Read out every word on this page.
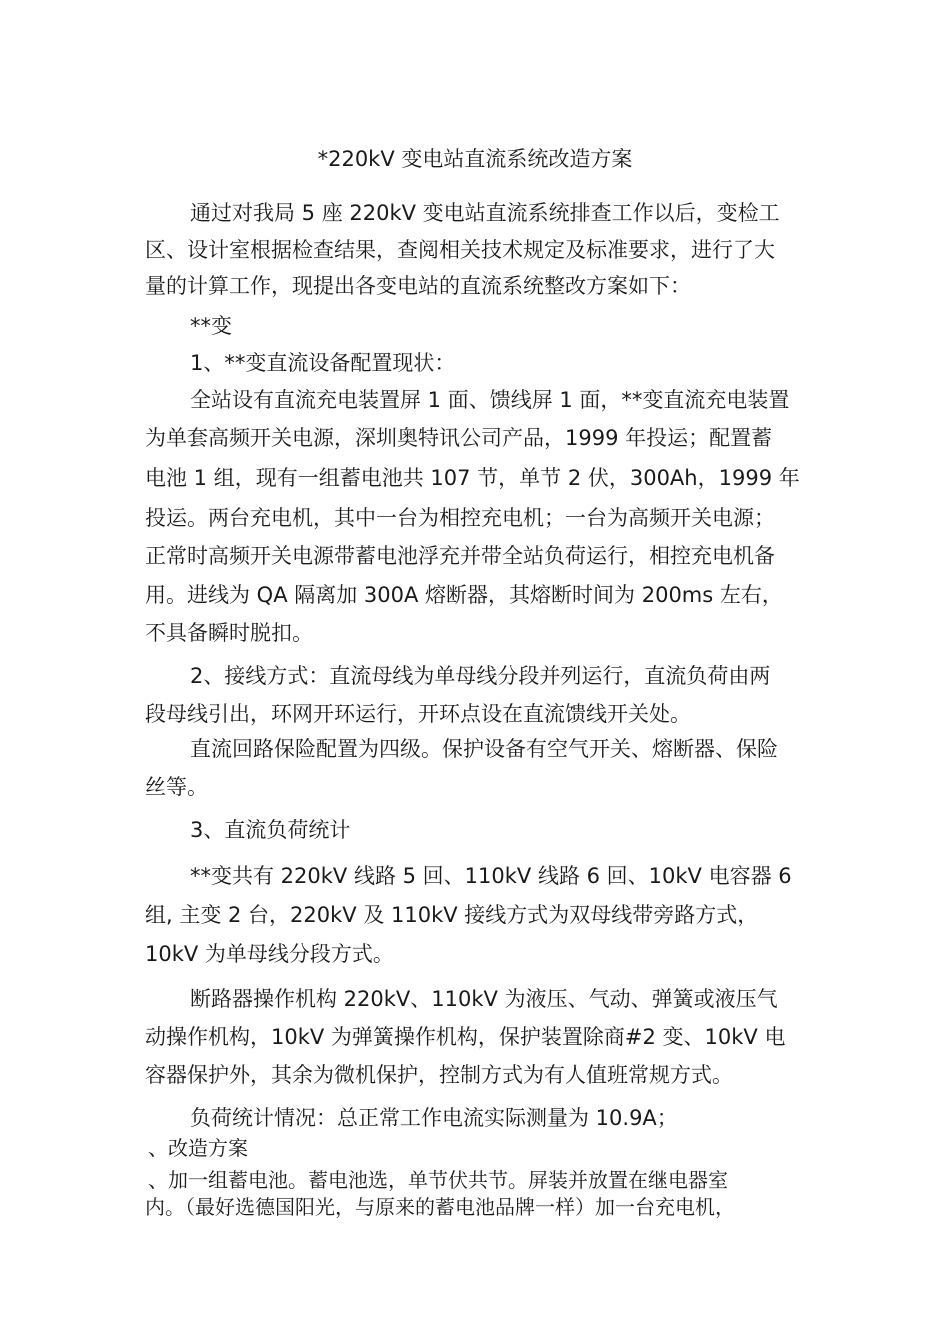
*220kV 变电站直流系统改造方案
通过对我局 5 座 220kV 变电站直流系统排查工作以后，变检工
区、设计室根据检查结果，查阅相关技术规定及标准要求，进行了大
量的计算工作，现提出各变电站的直流系统整改方案如下：
**变
1、**变直流设备配置现状：
全站设有直流充电装置屏 1 面、馈线屏 1 面，**变直流充电装置
为单套高频开关电源，深圳奥特讯公司产品，1999 年投运；配置蓄
电池 1 组，现有一组蓄电池共 107 节，单节 2 伏，300Ah，1999 年
投运。两台充电机，其中一台为相控充电机；一台为高频开关电源；
正常时高频开关电源带蓄电池浮充并带全站负荷运行，相控充电机备
用。进线为 QA 隔离加 300A 熔断器，其熔断时间为 200ms 左右，
不具备瞬时脱扣。
2、接线方式：直流母线为单母线分段并列运行，直流负荷由两
段母线引出，环网开环运行，开环点设在直流馈线开关处。
直流回路保险配置为四级。保护设备有空气开关、熔断器、保险
丝等。
3、直流负荷统计
**变共有 220kV 线路 5 回、110kV 线路 6 回、10kV 电容器 6
组, 主变 2 台，220kV 及 110kV 接线方式为双母线带旁路方式，
10kV 为单母线分段方式。
断路器操作机构 220kV、110kV 为液压、气动、弹簧或液压气
动操作机构，10kV 为弹簧操作机构，保护装置除商#2 变、10kV 电
容器保护外，其余为微机保护，控制方式为有人值班常规方式。
负荷统计情况：总正常工作电流实际测量为 10.9A；
、改造方案
、加一组蓄电池。蓄电池选，单节伏共节。屏装并放置在继电器室
内。（最好选德国阳光，与原来的蓄电池品牌一样）加一台充电机，
